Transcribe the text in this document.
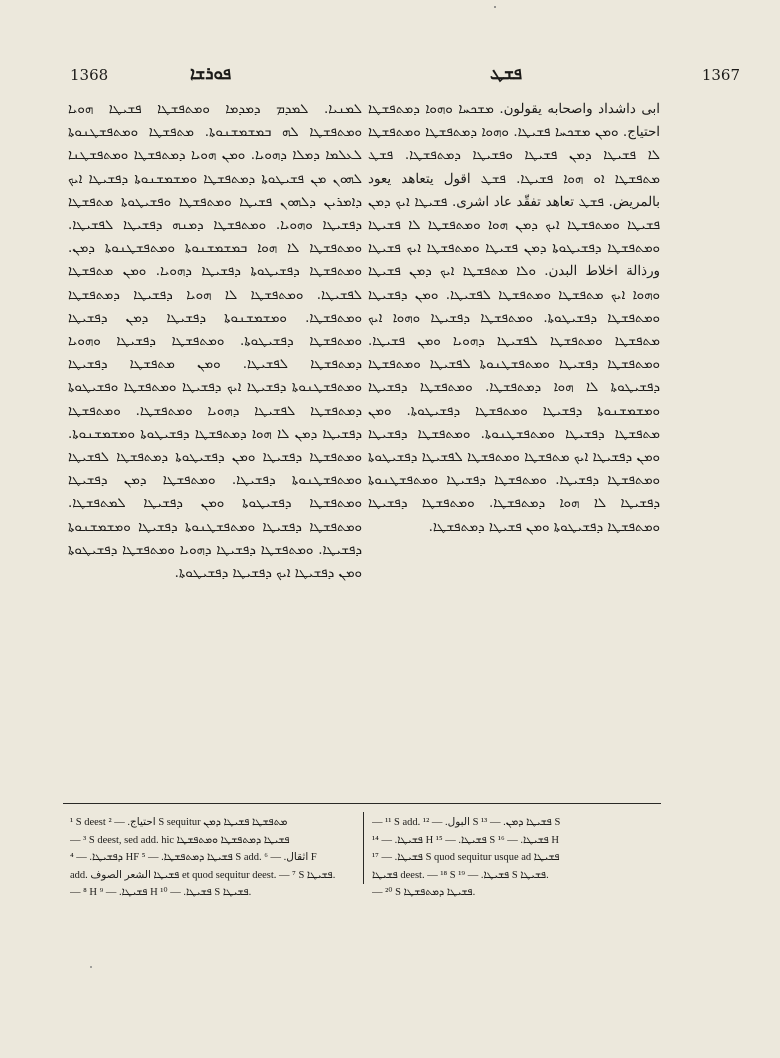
1368	ܦܘܪܫܐ	ܦܫܛ	1367

ܠܡܢܝܐ. ܠܡܕܡ ܕܡܕܡܐ ܘܡܬܦܫܛܐ ܦܫܝܛܐ ܗܘܝܐ ܘܡܬܦܫܛܐ ܠܗ ܒܡܫܡܫܢܘܬܐ. ܡܬܦܫܛܐ ܘܡܬܦܫܛܢܘܬܐ ܠܥܠܡܐ ܕܡܠܐ ܕܗܘܝܐ. ܘܡܢ ܗܘܝܐ ܕܡܬܦܫܛܐ ܘܡܬܦܫܛܢܐ ܠܗܘܢ ܡܢ ܦܫܝܛܘܬܐ ܕܡܬܦܫܛܐ ܘܡܫܡܫܢܘܬܐ ܕܦܫܝܛܐ ܐܝܟ ܕܐܡܪܝܢ ܕܠܗܘܢ ܦܫܝܛܐ ܘܡܬܦܫܛܐ ܘܦܫܝܛܘܬܐ ܡܬܦܫܛܐ ܕܦܫܝܛܐ ܘܗܘܝܐ. ܘܡܬܦܫܛܐ ܕܡܢܗ ܕܦܫܝܛܐ ܠܦܫܝܛܐ. ܘܡܬܦܫܛܐ ܠܐ ܗܘܐ ܒܡܫܡܫܢܘܬܐ ܘܡܬܦܫܛܢܘܬܐ ܕܡܢ. ܘܡܬܦܫܛܐ ܕܦܫܝܛܘܬܐ ܕܦܫܝܛܐ ܕܗܘܝܐ. ܘܡܢ ܡܬܦܫܛܐ ܠܦܫܝܛܐ. ܘܡܬܦܫܛܐ ܠܐ ܗܘܝܐ ܕܦܫܝܛܐ ܕܡܬܦܫܛܐ ܘܡܬܦܫܛܐ. ܘܡܫܡܫܢܘܬܐ ܕܦܫܝܛܐ ܕܡܢ ܕܦܫܝܛܐ ܘܡܬܦܫܛܐ ܕܦܫܝܛܘܬܐ. ܘܡܬܦܫܛܐ ܕܦܫܝܛܐ ܘܗܘܝܐ ܕܡܬܦܫܛܐ ܠܦܫܝܛܐ. ܘܡܢ ܡܬܦܫܛܐ ܕܦܫܝܛܐ ܘܡܬܦܫܛܢܘܬܐ ܕܦܫܝܛܐ ܐܝܟ ܕܦܫܝܛܐ ܘܡܬܦܫܛܐ ܘܦܫܝܛܘܬܐ ܕܡܬܦܫܛܐ ܠܦܫܝܛܐ ܕܗܘܝܐ ܘܡܬܦܫܛܐ. ܘܡܬܦܫܛܐ ܕܦܫܝܛܐ ܕܡܢ ܠܐ ܗܘܐ ܕܡܬܦܫܛܐ ܕܦܫܝܛܘܬܐ ܘܡܫܡܫܢܘܬܐ. ܘܡܬܦܫܛܐ ܕܦܫܝܛܐ ܘܡܢ ܕܦܫܝܛܘܬܐ ܕܡܬܦܫܛܐ ܠܦܫܝܛܐ ܘܡܬܦܫܛܢܘܬܐ ܕܦܫܝܛܐ. ܘܡܬܦܫܛܐ ܕܡܢ ܕܦܫܝܛܐ ܘܡܬܦܫܛܐ ܕܦܫܝܛܘܬܐ ܘܡܢ ܕܦܫܝܛܐ ܠܡܬܦܫܛܐ. ܘܡܬܦܫܛܐ ܕܦܫܝܛܐ ܘܡܬܦܫܛܢܘܬܐ ܕܦܫܝܛܐ ܘܡܫܡܫܢܘܬܐ ܕܦܫܝܛܐ. ܘܡܬܦܫܛܐ ܕܦܫܝܛܐ ܕܗܘܝܐ ܘܡܬܦܫܛܐ ܕܦܫܝܛܘܬܐ ܘܡܢ ܕܦܫܝܛܐ ܐܝܟ ܕܦܫܝܛܐ ܕܦܫܝܛܘܬܐ.

ابی داشداد واصحابه يقولون. ܡܫܟܚܐ ܘܗܘܐ ܕܡܬܦܫܛܐ احتياج. ܘܡܢ ܡܫܟܚܐ ܦܫܝܛܐ. ܘܗܘܐ ܕܡܬܦܫܛܐ ܘܡܬܦܫܛܐ ܠܐ ܦܫܝܛܐ ܕܡܢ ܦܫܝܛܐ ܘܦܫܝܛܐ ܕܡܬܦܫܛܐ. ܦܫܛ ܡܬܦܫܛܐ ܐܘ ܗܘܐ ܦܫܝܛܐ. ܦܫܛ اقول يتعاهد يعود بالمريض. ܦܫܛ تعاهد تفقّد عاد اشرى. ܦܫܝܛܐ ܐܝܟ ܕܡܢ ܦܫܝܛܐ ܘܡܬܦܫܛܐ ܐܝܟ ܕܡܢ ܗܘܐ ܘܡܬܦܫܛܐ ܠܐ ܦܫܝܛܐ ܘܡܬܦܫܛܐ ܕܦܫܝܛܘܬܐ ܕܡܢ ܦܫܝܛܐ ܘܡܬܦܫܛܐ ܐܝܟ ܦܫܝܛܐ ورذالة اخلاط البدن. ܘܠܐ ܡܬܦܫܛܐ ܐܝܟ ܕܡܢ ܦܫܝܛܐ ܘܗܘܐ ܐܝܟ ܡܬܦܫܛܐ ܘܡܬܦܫܛܐ ܠܦܫܝܛܐ. ܘܡܢ ܕܦܫܝܛܐ ܘܡܬܦܫܛܐ ܕܦܫܝܛܘܬܐ. ܘܡܬܦܫܛܐ ܕܦܫܝܛܐ ܘܗܘܐ ܐܝܟ ܡܬܦܫܛܐ ܘܡܬܦܫܛܐ ܠܦܫܝܛܐ ܕܗܘܝܐ ܘܡܢ ܦܫܝܛܐ. ܘܡܬܦܫܛܐ ܕܦܫܝܛܐ ܘܡܬܦܫܛܢܘܬܐ ܠܦܫܝܛܐ ܘܡܬܦܫܛܐ ܕܦܫܝܛܘܬܐ ܠܐ ܗܘܐ ܕܡܬܦܫܛܐ. ܘܡܬܦܫܛܐ ܕܦܫܝܛܐ ܘܡܫܡܫܢܘܬܐ ܕܦܫܝܛܐ ܘܡܬܦܫܛܐ ܕܦܫܝܛܘܬܐ. ܘܡܢ ܡܬܦܫܛܐ ܕܦܫܝܛܐ ܘܡܬܦܫܛܢܘܬܐ. ܘܡܬܦܫܛܐ ܕܦܫܝܛܐ ܘܡܢ ܕܦܫܝܛܐ ܐܝܟ ܡܬܦܫܛܐ ܘܡܬܦܫܛܐ ܠܦܫܝܛܐ ܕܦܫܝܛܘܬܐ ܘܡܬܦܫܛܐ ܕܦܫܝܛܐ. ܘܡܬܦܫܛܐ ܕܦܫܝܛܐ ܘܡܬܦܫܛܢܘܬܐ ܕܦܫܝܛܐ ܠܐ ܗܘܐ ܕܡܬܦܫܛܐ. ܘܡܬܦܫܛܐ ܕܦܫܝܛܐ ܘܡܬܦܫܛܐ ܕܦܫܝܛܘܬܐ ܘܡܢ ܦܫܝܛܐ ܕܡܬܦܫܛܐ.

¹ S deest احتياج. — ² S sequitur ܡܬܦܫܛܐ ܦܫܝܛܐ ܕܡܢ
— ³ S deest, sed add. hic ܦܫܝܛܐ ܕܡܬܦܫܛܐ ܘܡܬܦܫܛܐ
ܕܦܫܝܛܐ. — ⁴ HF ܦܫܝܛܐ ܕܡܬܦܫܛܐ. — ⁵ S add. اثقال. — ⁶ F
add. ܦܫܝܛܐ الشعر الصوف et quod sequitur deest. — ⁷ S ܦܫܝܛܐ.
— ⁸ H ܦܫܝܛܐ. — ⁹ H ܦܫܝܛܐ. — ¹⁰ S ܦܫܝܛܐ.
— ¹¹ S add. البول. — ¹² S ܦܫܝܛܐ ܕܡܢ. — ¹³ S
ܦܫܝܛܐ. — ¹⁴ H ܦܫܝܛܐ. — ¹⁵ S ܦܫܝܛܐ. — ¹⁶ H
ܦܫܝܛܐ. — ¹⁷ S quod sequitur usque ad ܦܫܝܛܐ
ܦܫܝܛܐ deest. — ¹⁸ S ܦܫܝܛܐ. — ¹⁹ S ܦܫܝܛܐ.
— ²⁰ S ܦܫܝܛܐ ܕܡܬܦܫܛܐ.
